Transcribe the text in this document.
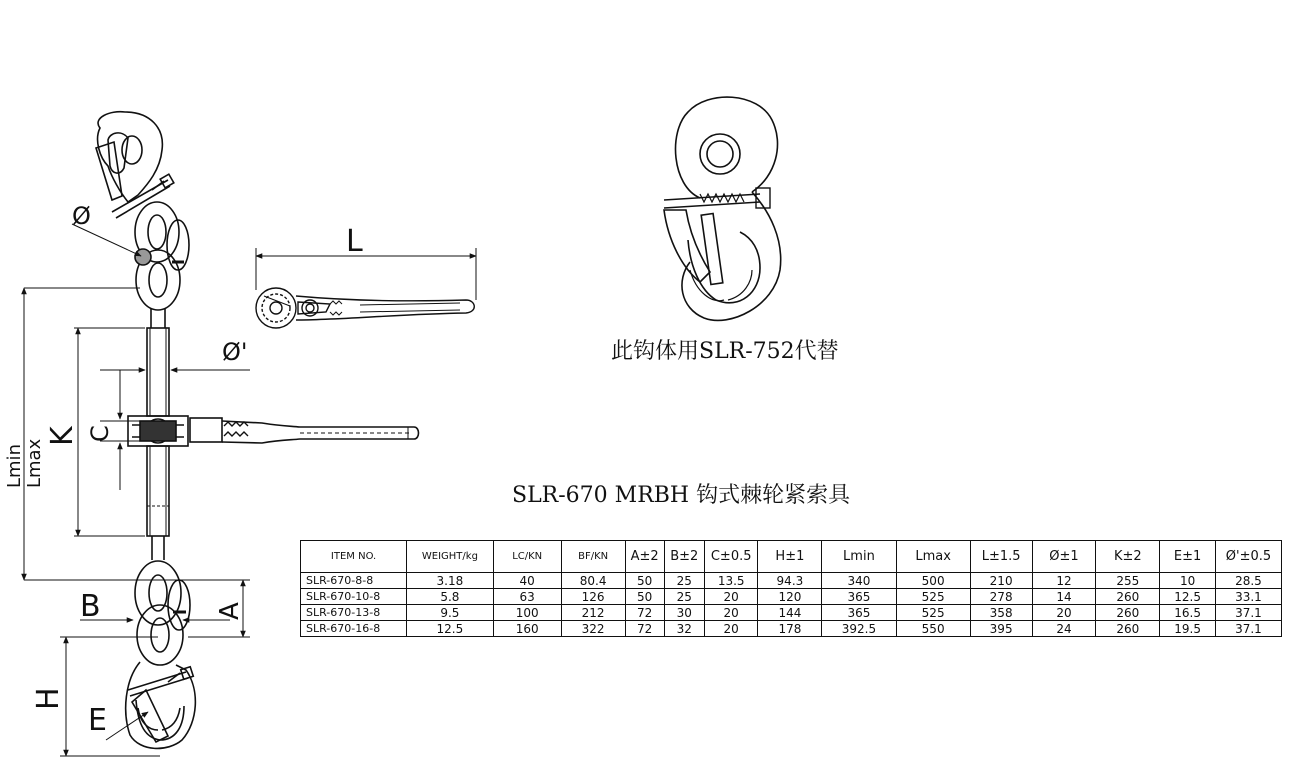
Ø
Lmin Lmax
K C
Ø'
B	A
H
E
L
此钩体用SLR-752代替
SLR-670 MRBH 钩式棘轮紧索具
ITEM NO.	WEIGHT/kg	LC/KN	BF/KN	A±2	B±2	C±0.5	H±1	Lmin	Lmax	L±1.5	Ø±1	K±2	E±1	Ø'±0.5
SLR-670-8-8	3.18	40	80.4	50	25	13.5	94.3	340	500	210	12	255	10	28.5
SLR-670-10-8	5.8	63	126	50	25	20	120	365	525	278	14	260	12.5	33.1
SLR-670-13-8	9.5	100	212	72	30	20	144	365	525	358	20	260	16.5	37.1
SLR-670-16-8	12.5	160	322	72	32	20	178	392.5	550	395	24	260	19.5	37.1
